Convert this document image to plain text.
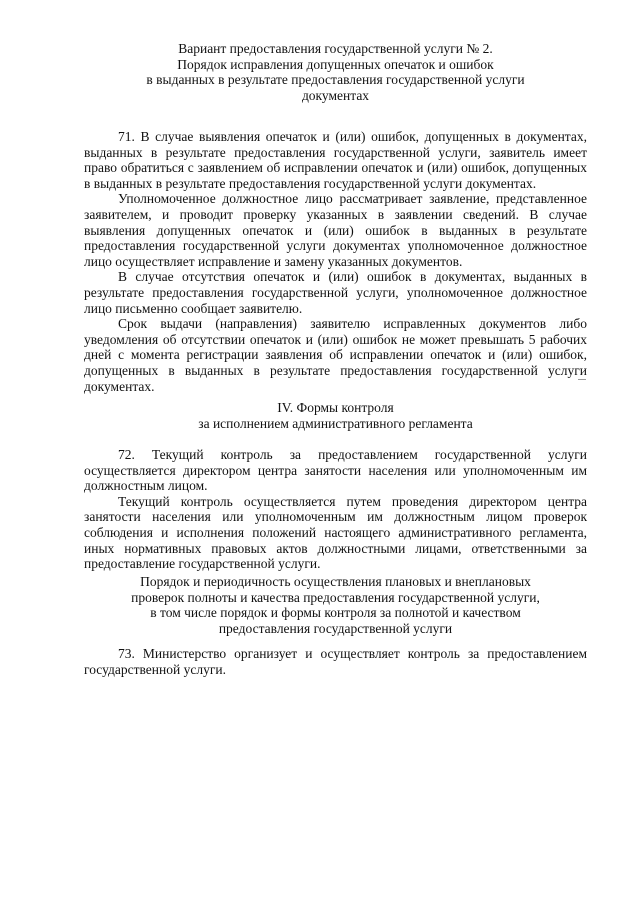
Вариант предоставления государственной услуги № 2.
Порядок исправления допущенных опечаток и ошибок
в выданных в результате предоставления государственной услуги
документах

71. В случае выявления опечаток и (или) ошибок, допущенных в документах, выданных в результате предоставления государственной услуги, заявитель имеет право обратиться с заявлением об исправлении опечаток и (или) ошибок, допущенных в выданных в результате предоставления государственной услуги документах.

Уполномоченное должностное лицо рассматривает заявление, представленное заявителем, и проводит проверку указанных в заявлении сведений. В случае выявления допущенных опечаток и (или) ошибок в выданных в результате предоставления государственной услуги документах уполномоченное должностное лицо осуществляет исправление и замену указанных документов.

В случае отсутствия опечаток и (или) ошибок в документах, выданных в результате предоставления государственной услуги, уполномоченное должностное лицо письменно сообщает заявителю.

Срок выдачи (направления) заявителю исправленных документов либо уведомления об отсутствии опечаток и (или) ошибок не может превышать 5 рабочих дней с момента регистрации заявления об исправлении опечаток и (или) ошибок, допущенных в выданных в результате предоставления государственной услуги документах.

IV. Формы контроля
за исполнением административного регламента

72. Текущий контроль за предоставлением государственной услуги осуществляется директором центра занятости населения или уполномоченным им должностным лицом.

Текущий контроль осуществляется путем проведения директором центра занятости населения или уполномоченным им должностным лицом проверок соблюдения и исполнения положений настоящего административного регламента, иных нормативных правовых актов должностными лицами, ответственными за предоставление государственной услуги.

Порядок и периодичность осуществления плановых и внеплановых
проверок полноты и качества предоставления государственной услуги,
в том числе порядок и формы контроля за полнотой и качеством
предоставления государственной услуги

73. Министерство организует и осуществляет контроль за предоставлением государственной услуги.
